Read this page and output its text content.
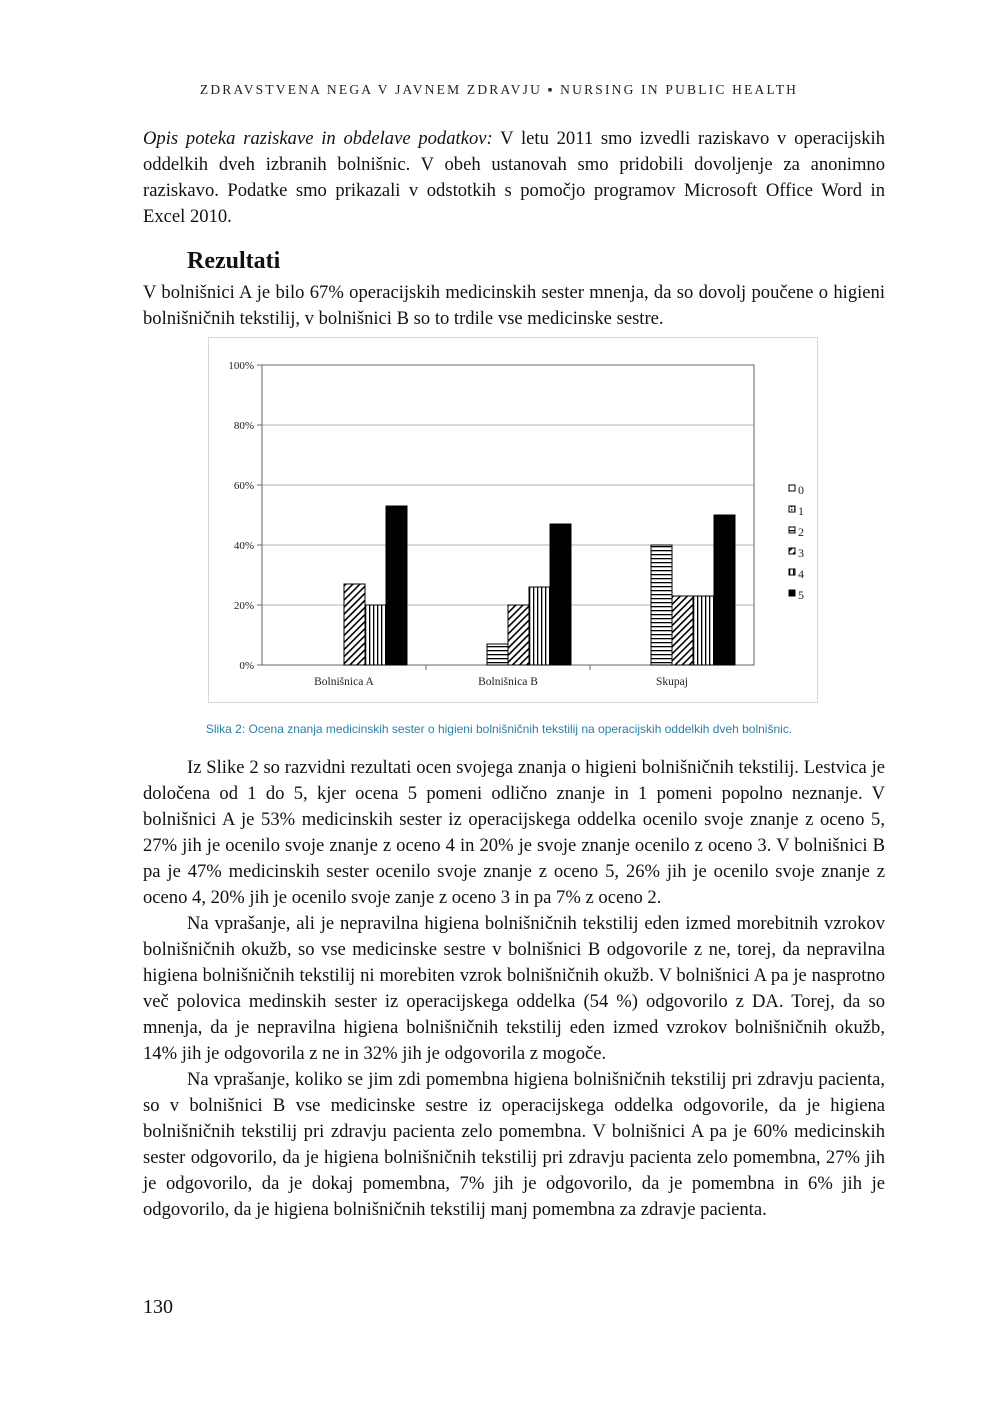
ZDRAVSTVENA NEGA V JAVNEM ZDRAVJU ▪ NURSING IN PUBLIC HEALTH

Opis poteka raziskave in obdelave podatkov: V letu 2011 smo izvedli raziskavo v operacijskih oddelkih dveh izbranih bolnišnic. V obeh ustanovah smo pridobili dovoljenje za anonimno raziskavo. Podatke smo prikazali v odstotkih s pomočjo programov Microsoft Office Word in Excel 2010.

Rezultati

V bolnišnici A je bilo 67% operacijskih medicinskih sester mnenja, da so dovolj poučene o higieni bolnišničnih tekstilij, v bolnišnici B so to trdile vse medicinske sestre.

0%
20%
40%
60%
80%
100%
Bolnišnica A	Bolnišnica B	Skupaj
0
1
2
3
4
5
Slika 2: Ocena znanja medicinskih sester o higieni bolnišničnih tekstilij na operacijskih oddelkih dveh bolnišnic.

Iz Slike 2 so razvidni rezultati ocen svojega znanja o higieni bolnišničnih tekstilij. Lestvica je določena od 1 do 5, kjer ocena 5 pomeni odlično znanje in 1 pomeni popolno neznanje. V bolnišnici A je 53% medicinskih sester iz operacijskega oddelka ocenilo svoje znanje z oceno 5, 27% jih je ocenilo svoje znanje z oceno 4 in 20% je svoje znanje ocenilo z oceno 3. V bolnišnici B pa je 47% medicinskih sester ocenilo svoje znanje z oceno 5, 26% jih je ocenilo svoje znanje z oceno 4, 20% jih je ocenilo svoje zanje z oceno 3 in pa 7% z oceno 2.

Na vprašanje, ali je nepravilna higiena bolnišničnih tekstilij eden izmed morebitnih vzrokov bolnišničnih okužb, so vse medicinske sestre v bolnišnici B odgovorile z ne, torej, da nepravilna higiena bolnišničnih tekstilij ni morebiten vzrok bolnišničnih okužb. V bolnišnici A pa je nasprotno več polovica medinskih sester iz operacijskega oddelka (54 %) odgovorilo z DA. Torej, da so mnenja, da je nepravilna higiena bolnišničnih tekstilij eden izmed vzrokov bolnišničnih okužb, 14% jih je odgovorila z ne in 32% jih je odgovorila z mogoče.

Na vprašanje, koliko se jim zdi pomembna higiena bolnišničnih tekstilij pri zdravju pacienta, so v bolnišnici B vse medicinske sestre iz operacijskega oddelka odgovorile, da je higiena bolnišničnih tekstilij pri zdravju pacienta zelo pomembna. V bolnišnici A pa je 60% medicinskih sester odgovorilo, da je higiena bolnišničnih tekstilij pri zdravju pacienta zelo pomembna, 27% jih je odgovorilo, da je dokaj pomembna, 7% jih je odgovorilo, da je pomembna in 6% jih je odgovorilo, da je higiena bolnišničnih tekstilij manj pomembna za zdravje pacienta.

130
